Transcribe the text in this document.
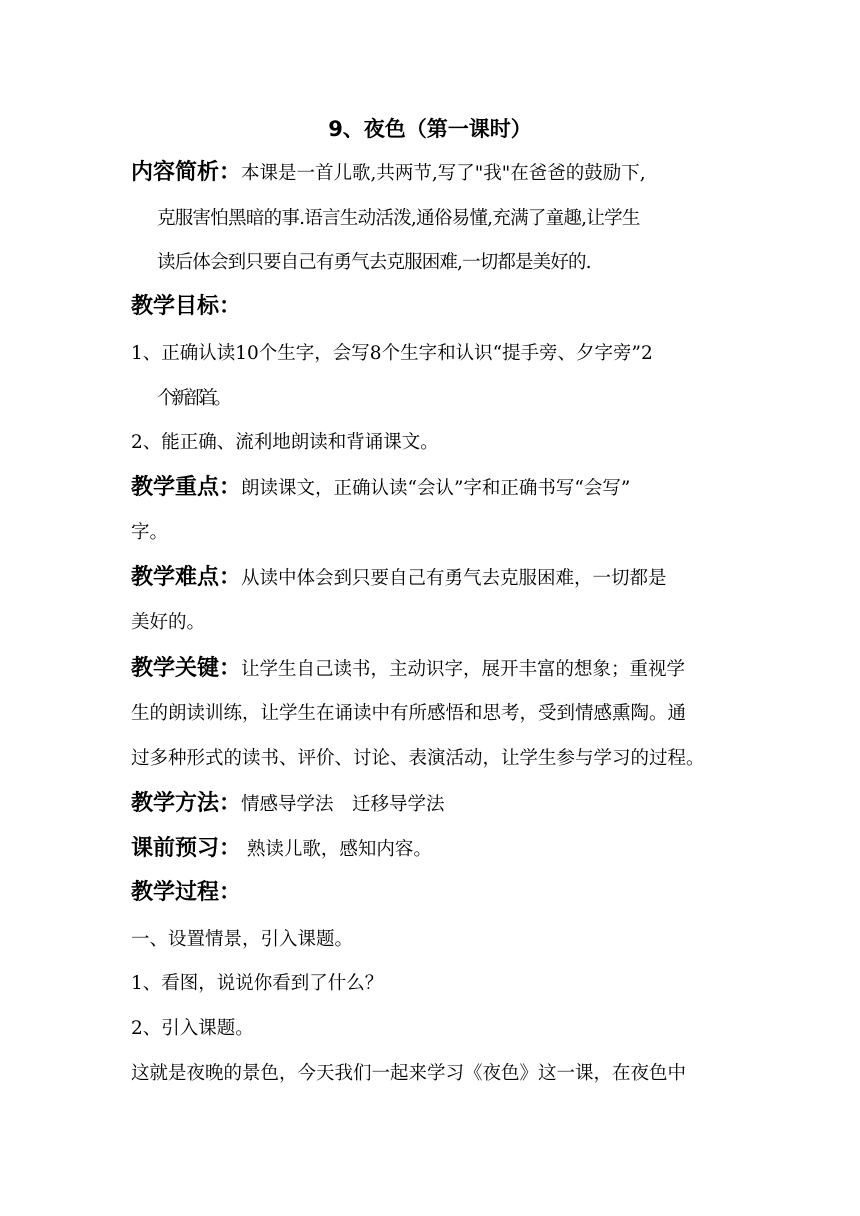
9、夜色（第一课时）
内容简析：本课是一首儿歌,共两节,写了"我"在爸爸的鼓励下,
克服害怕黑暗的事.语言生动活泼,通俗易懂,充满了童趣,让学生
读后体会到只要自己有勇气去克服困难,一切都是美好的.
教学目标：
1、正确认读10个生字，会写8个生字和认识“提手旁、夕字旁”2
个新部首。
2、能正确、流利地朗读和背诵课文。
教学重点：朗读课文，正确认读“会认”字和正确书写“会写”
字。
教学难点：从读中体会到只要自己有勇气去克服困难，一切都是
美好的。
教学关键：让学生自己读书，主动识字，展开丰富的想象；重视学
生的朗读训练，让学生在诵读中有所感悟和思考，受到情感熏陶。通
过多种形式的读书、评价、讨论、表演活动，让学生参与学习的过程。
教学方法：情感导学法　迁移导学法
课前预习： 熟读儿歌，感知内容。
教学过程：
一、设置情景，引入课题。
1、看图，说说你看到了什么？
2、引入课题。
这就是夜晚的景色，今天我们一起来学习《夜色》这一课，在夜色中
